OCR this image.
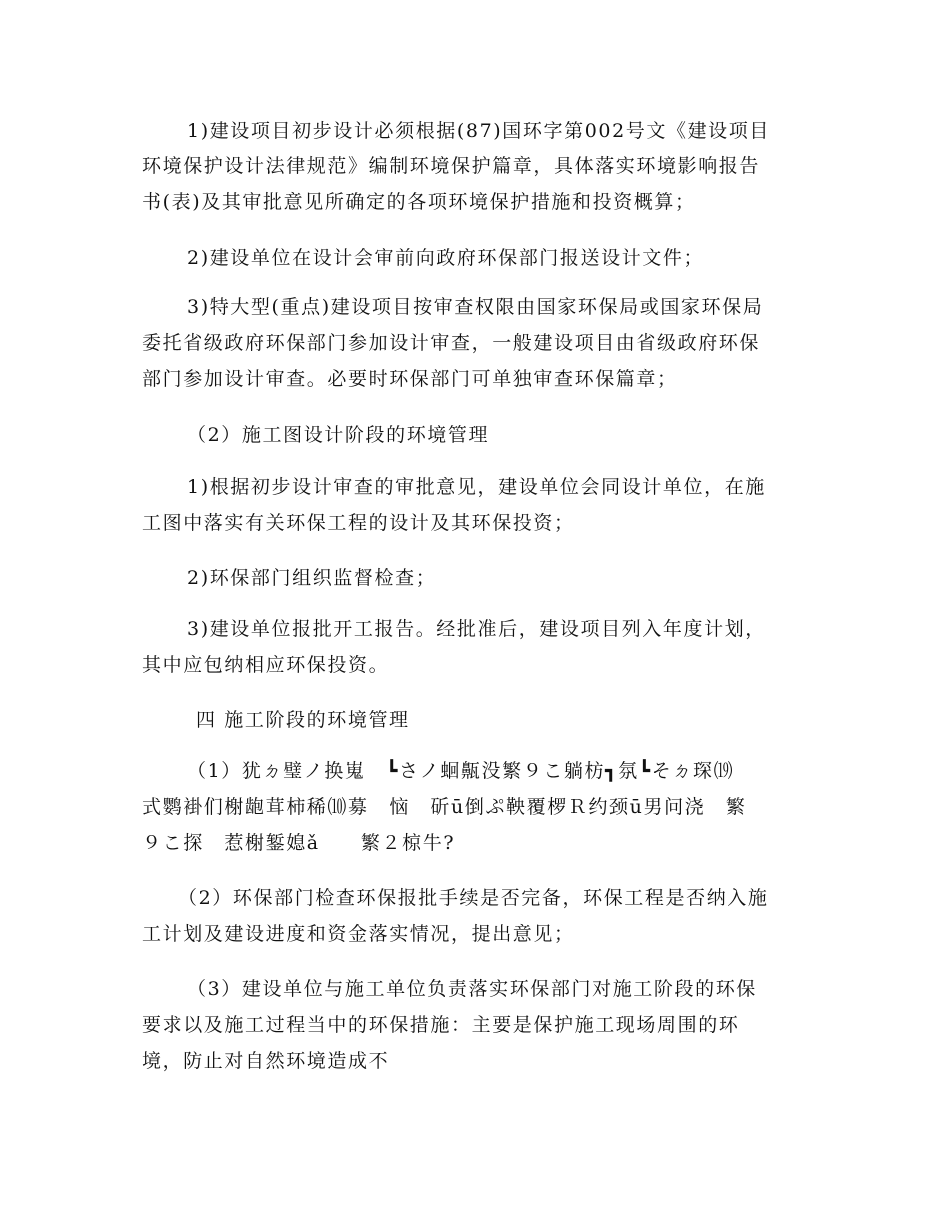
1)建设项目初步设计必须根据(87)国环字第002号文《建设项目
环境保护设计法律规范》编制环境保护篇章，具体落实环境影响报告
书(表)及其审批意见所确定的各项环境保护措施和投资概算；
2)建设单位在设计会审前向政府环保部门报送设计文件；
3)特大型(重点)建设项目按审查权限由国家环保局或国家环保局
委托省级政府环保部门参加设计审查，一般建设项目由省级政府环保
部门参加设计审查。必要时环保部门可单独审查环保篇章；
（2）施工图设计阶段的环境管理
1)根据初步设计审查的审批意见，建设单位会同设计单位，在施
工图中落实有关环保工程的设计及其环保投资；
2)环保部门组织监督检查；
3)建设单位报批开工报告。经批准后，建设项目列入年度计划，
其中应包纳相应环保投资。
四 施工阶段的环境管理
（1）犹ㄉ璧ノ换嵬　┗さノ蛔齀没繁９こ躺枋┓氛┗そㄉ琛⒆
式鹦褂们榭龅茸柿稀⑽募　恼　斫ū倒ぷ鞅覆椤Ｒ约颈ū男问浇　繁
９こ探　惹榭錾媳ǎ　　繁２椋牛?
（2）环保部门检查环保报批手续是否完备，环保工程是否纳入施
工计划及建设进度和资金落实情况，提出意见；
（3）建设单位与施工单位负责落实环保部门对施工阶段的环保
要求以及施工过程当中的环保措施：主要是保护施工现场周围的环
境，防止对自然环境造成不
